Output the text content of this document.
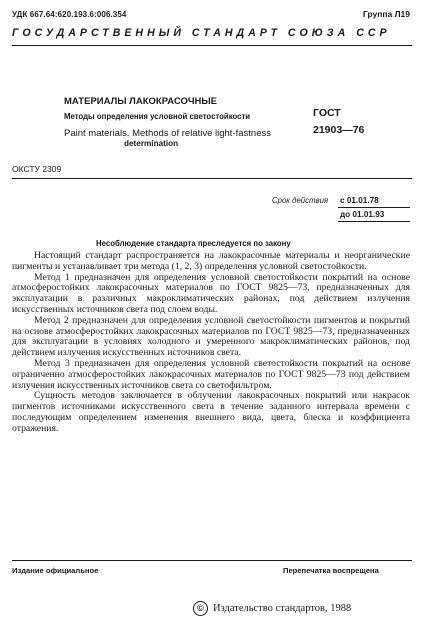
УДК 667.64:620.193.6:006.354	Группа Л19
ГОСУДАРСТВЕННЫЙ СТАНДАРТ СОЮЗА ССР
МАТЕРИАЛЫ ЛАКОКРАСОЧНЫЕ
Методы определения условной светостойкости
Paint materials. Methods of relative light-fastness
determination
ГОСТ
21903—76
ОКСТУ 2309
Срок действия с 01.01.78
до 01.01.93
Несоблюдение стандарта преследуется по закону

Настоящий стандарт распространяется на лакокрасочные материалы и неорганические пигменты и устанавливает три метода (1, 2, 3) определения условной светостойкости.

Метод 1 предназначен для определения условной светостойкости покрытий на основе атмосферостойких лакокрасочных материалов по ГОСТ 9825—73, предназначенных для эксплуатации в различных макроклиматических районах, под действием излучения искусственных источников света под слоем воды.

Метод 2 предназначен для определения условной светостойкости пигментов и покрытий на основе атмосферостойких лакокрасочных материалов по ГОСТ 9825—73, предназначенных для эксплуатации в условиях холодного и умеренного макроклиматических районов, под действием излучения искусственных источников света.

Метод 3 предназначен для определения условной светостойкости покрытий на основе ограниченно атмосферостойких лакокрасочных материалов по ГОСТ 9825—73 под действием излучения искусственных источников света со светофильтром.

Сущность методов заключается в облучении лакокрасочных покрытий или накрасок пигментов источниками искусственного света в течение заданного интервала времени с последующим определением изменения внешнего вида, цвета, блеска и коэффициента отражения.

Издание официальное	Перепечатка воспрещена
© Издательство стандартов, 1988
